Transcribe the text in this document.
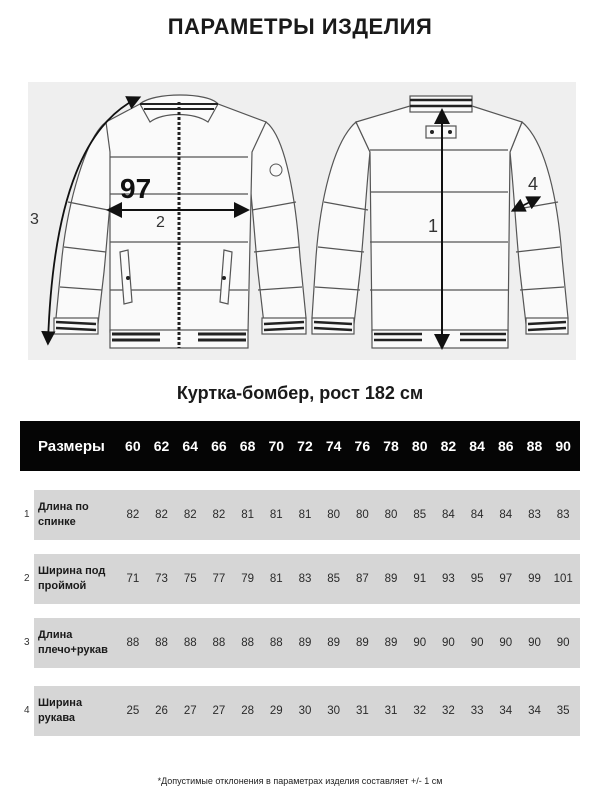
ПАРАМЕТРЫ ИЗДЕЛИЯ
97
2
3	1
4
Куртка-бомбер, рост 182 см
Размеры	60 62 64 66 68 70 72 74 76 78 80 82 84 86 88 90
1
Длина по
спинке
82	82	82	82	81	81	81	80	80	80	85	84	84	84	83	83
2
Ширина под
проймой
71	73	75	77	79	81	83	85	87	89	91	93	95	97	99	101
3
Длина
плечо+рукав
88	88	88	88	88	88	89	89	89	89	90	90	90	90	90	90
4
Ширина
рукава
25	26	27	27	28	29	30	30	31	31	32	32	33	34	34	35
*Допустимые отклонения в параметрах изделия составляет +/- 1 см
